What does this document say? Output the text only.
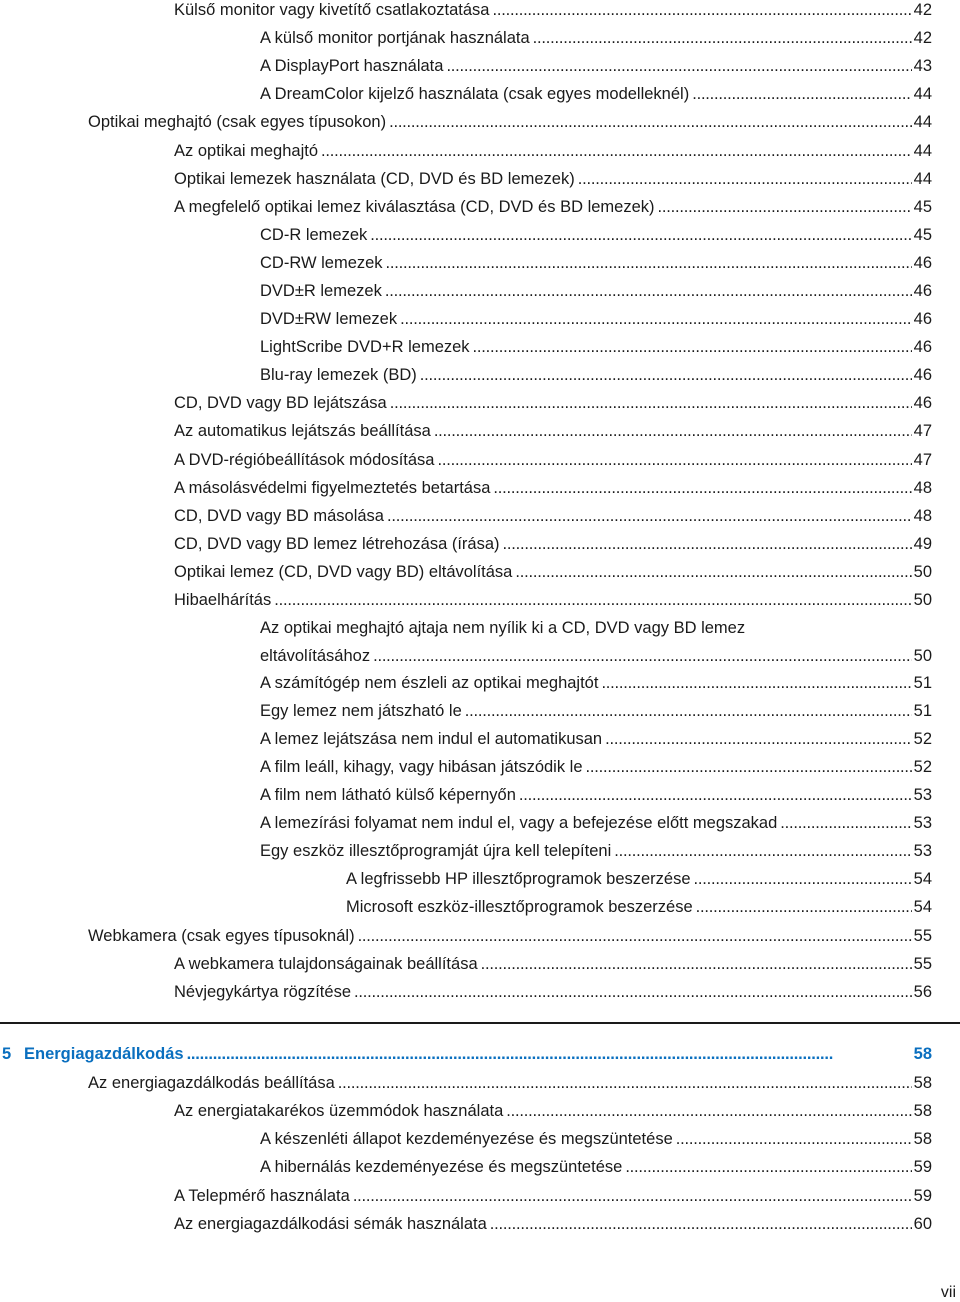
Külső monitor vagy kivetítő csatlakoztatása . . .	42
A külső monitor portjának használata . . .	42
A DisplayPort használata . . .	43
A DreamColor kijelző használata (csak egyes modelleknél) . . .	44
Optikai meghajtó (csak egyes típusokon) . . .	44
Az optikai meghajtó . . .	44
Optikai lemezek használata (CD, DVD és BD lemezek) . . .	44
A megfelelő optikai lemez kiválasztása (CD, DVD és BD lemezek) . . .	45
CD-R lemezek . . .	45
CD-RW lemezek . . .	46
DVD±R lemezek . . .	46
DVD±RW lemezek . . .	46
LightScribe DVD+R lemezek . . .	46
Blu-ray lemezek (BD) . . .	46
CD, DVD vagy BD lejátszása . . .	46
Az automatikus lejátszás beállítása . . .	47
A DVD-régióbeállítások módosítása . . .	47
A másolásvédelmi figyelmeztetés betartása . . .	48
CD, DVD vagy BD másolása . . .	48
CD, DVD vagy BD lemez létrehozása (írása) . . .	49
Optikai lemez (CD, DVD vagy BD) eltávolítása . . .	50
Hibaelhárítás . . .	50
Az optikai meghajtó ajtaja nem nyílik ki a CD, DVD vagy BD lemez
eltávolításához . . .	50
A számítógép nem észleli az optikai meghajtót . . .	51
Egy lemez nem játszható le . . .	51
A lemez lejátszása nem indul el automatikusan . . .	52
A film leáll, kihagy, vagy hibásan játszódik le . . .	52
A film nem látható külső képernyőn . . .	53
A lemezírási folyamat nem indul el, vagy a befejezése előtt megszakad . . .	53
Egy eszköz illesztőprogramját újra kell telepíteni . . .	53
A legfrissebb HP illesztőprogramok beszerzése . . .	54
Microsoft eszköz-illesztőprogramok beszerzése . . .	54
Webkamera (csak egyes típusoknál) . . .	55
A webkamera tulajdonságainak beállítása . . .	55
Névjegykártya rögzítése . . .	56
5 Energiagazdálkodás . . .	58
Az energiagazdálkodás beállítása . . .	58
Az energiatakarékos üzemmódok használata . . .	58
A készenléti állapot kezdeményezése és megszüntetése . . .	58
A hibernálás kezdeményezése és megszüntetése . . .	59
A Telepmérő használata . . .	59
Az energiagazdálkodási sémák használata . . .	60
vii
